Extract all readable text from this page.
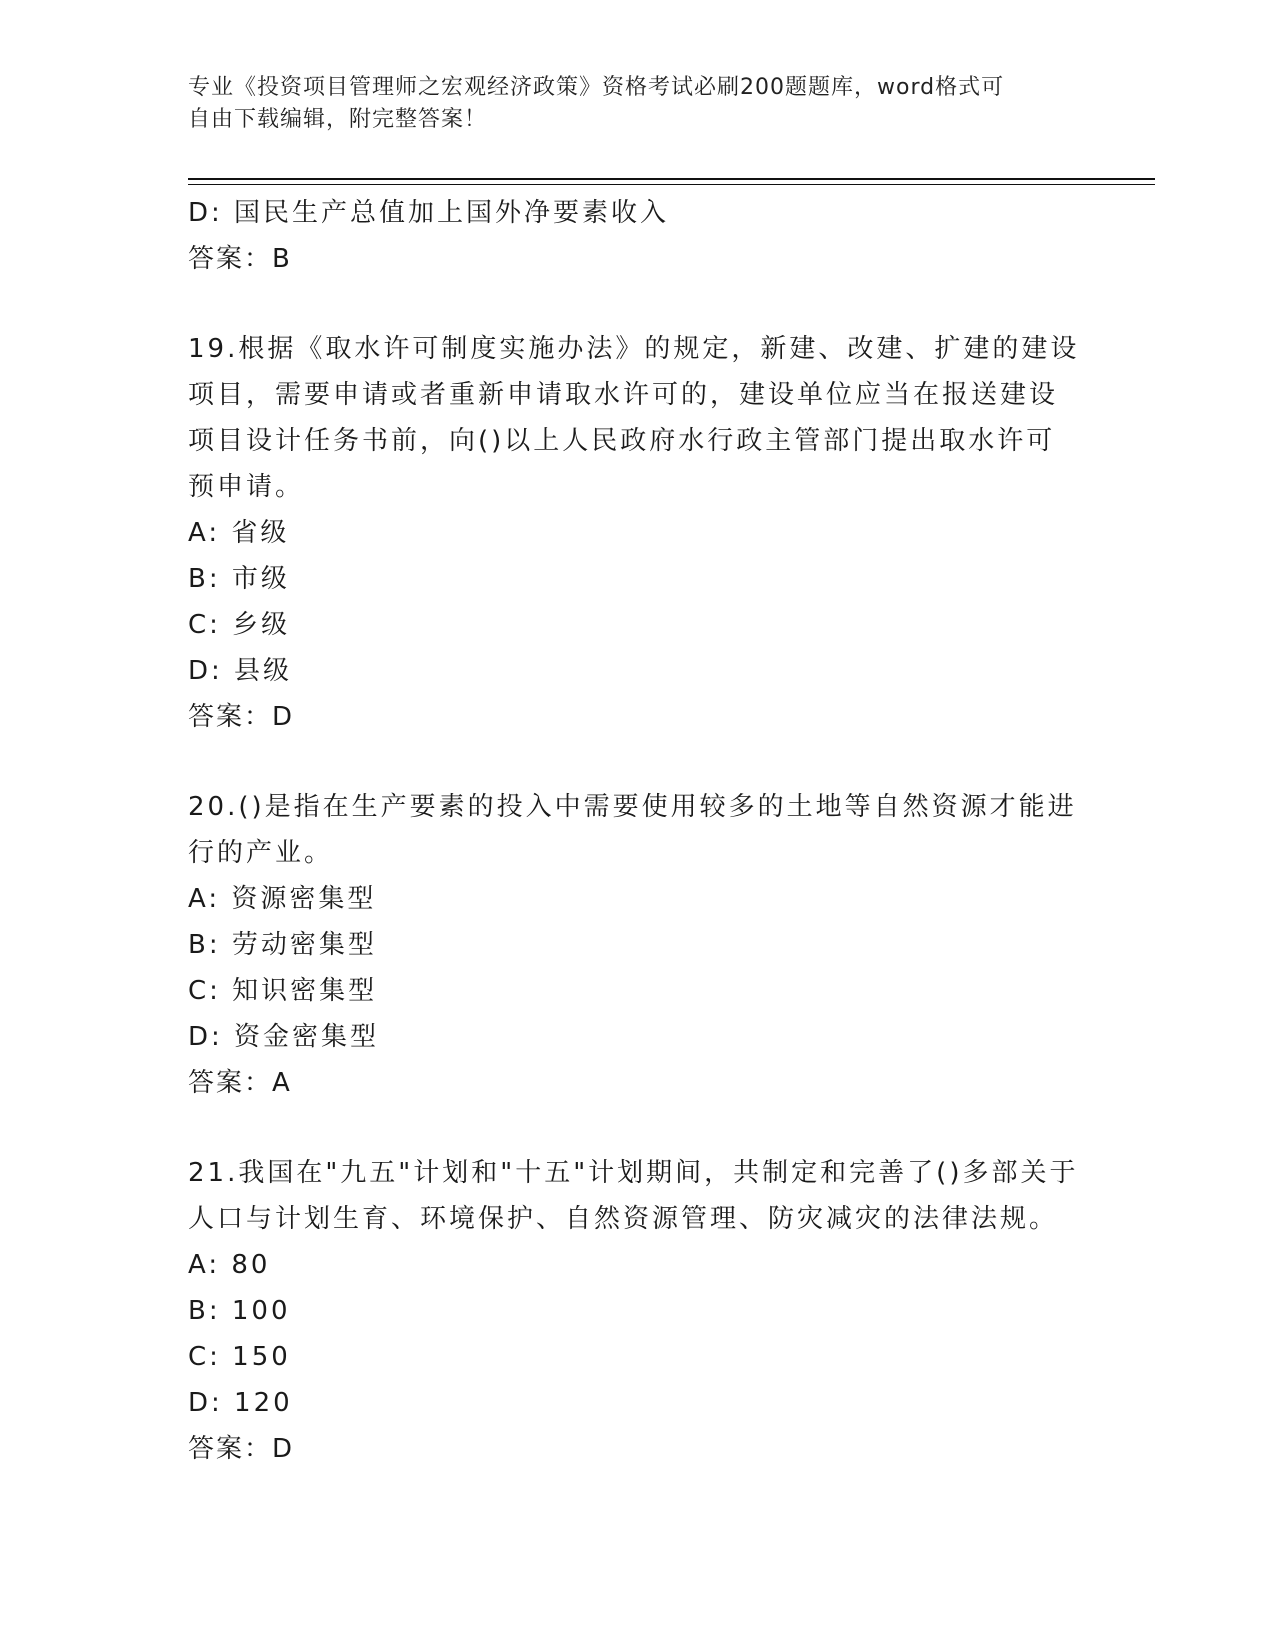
专业《投资项目管理师之宏观经济政策》资格考试必刷200题题库，word格式可
自由下载编辑，附完整答案！
D: 国民生产总值加上国外净要素收入
答案：B
19.根据《取水许可制度实施办法》的规定，新建、改建、扩建的建设
项目，需要申请或者重新申请取水许可的，建设单位应当在报送建设
项目设计任务书前，向()以上人民政府水行政主管部门提出取水许可
预申请。
A: 省级
B: 市级
C: 乡级
D: 县级
答案：D
20.()是指在生产要素的投入中需要使用较多的土地等自然资源才能进
行的产业。
A: 资源密集型
B: 劳动密集型
C: 知识密集型
D: 资金密集型
答案：A
21.我国在"九五"计划和"十五"计划期间，共制定和完善了()多部关于
人口与计划生育、环境保护、自然资源管理、防灾减灾的法律法规。
A: 80
B: 100
C: 150
D: 120
答案：D
